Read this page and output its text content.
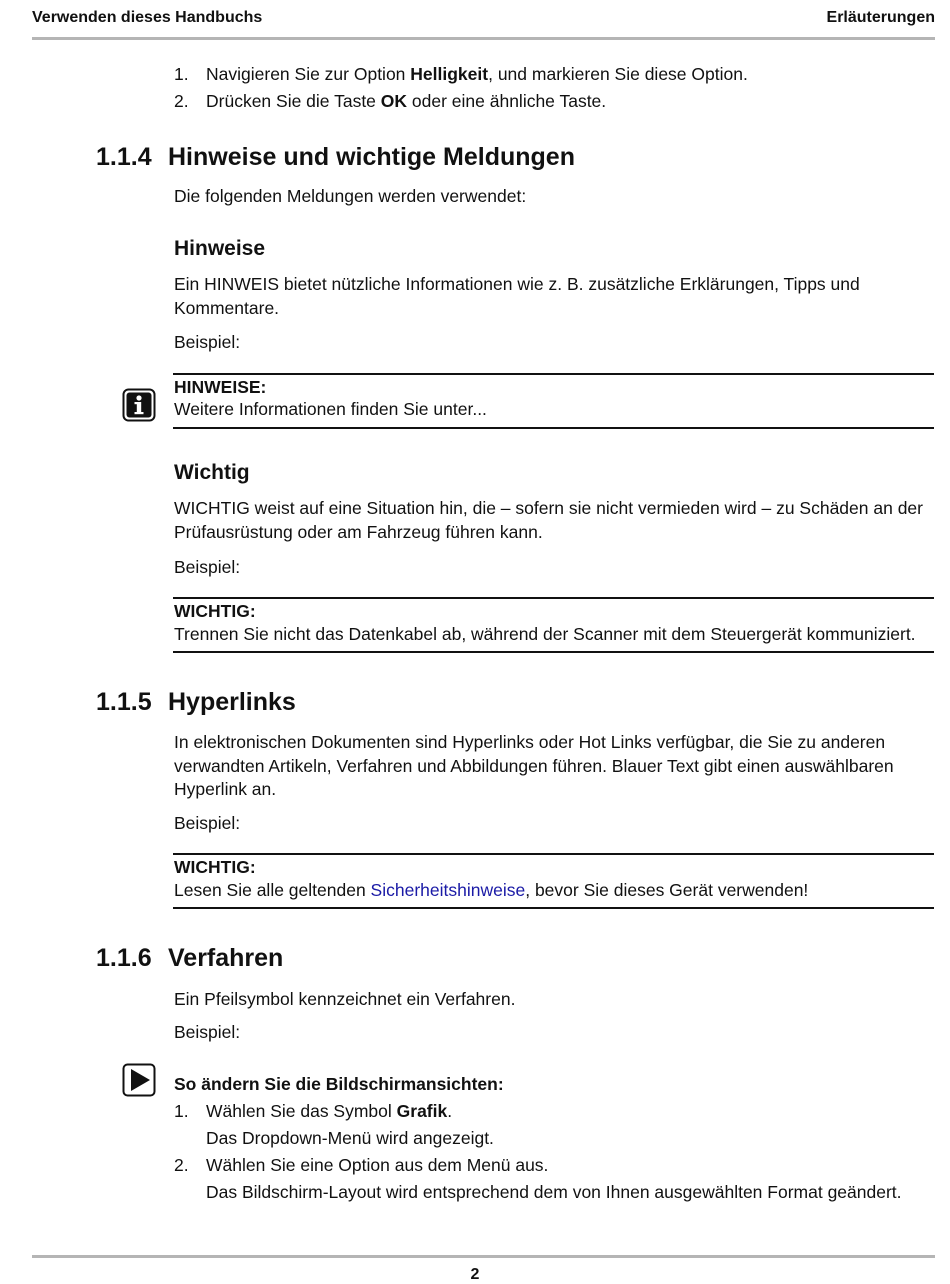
Verwenden dieses Handbuchs	Erläuterungen
1. Navigieren Sie zur Option Helligkeit, und markieren Sie diese Option.
2. Drücken Sie die Taste OK oder eine ähnliche Taste.
1.1.4 Hinweise und wichtige Meldungen
Die folgenden Meldungen werden verwendet:
Hinweise
Ein HINWEIS bietet nützliche Informationen wie z. B. zusätzliche Erklärungen, Tipps und Kommentare.
Beispiel:
HINWEISE:
Weitere Informationen finden Sie unter...
Wichtig
WICHTIG weist auf eine Situation hin, die – sofern sie nicht vermieden wird – zu Schäden an der Prüfausrüstung oder am Fahrzeug führen kann.
Beispiel:
WICHTIG:
Trennen Sie nicht das Datenkabel ab, während der Scanner mit dem Steuergerät kommuniziert.
1.1.5 Hyperlinks
In elektronischen Dokumenten sind Hyperlinks oder Hot Links verfügbar, die Sie zu anderen verwandten Artikeln, Verfahren und Abbildungen führen. Blauer Text gibt einen auswählbaren Hyperlink an.
Beispiel:
WICHTIG:
Lesen Sie alle geltenden Sicherheitshinweise, bevor Sie dieses Gerät verwenden!
1.1.6 Verfahren
Ein Pfeilsymbol kennzeichnet ein Verfahren.
Beispiel:
So ändern Sie die Bildschirmansichten:
1. Wählen Sie das Symbol Grafik.
Das Dropdown-Menü wird angezeigt.
2. Wählen Sie eine Option aus dem Menü aus.
Das Bildschirm-Layout wird entsprechend dem von Ihnen ausgewählten Format geändert.
2
